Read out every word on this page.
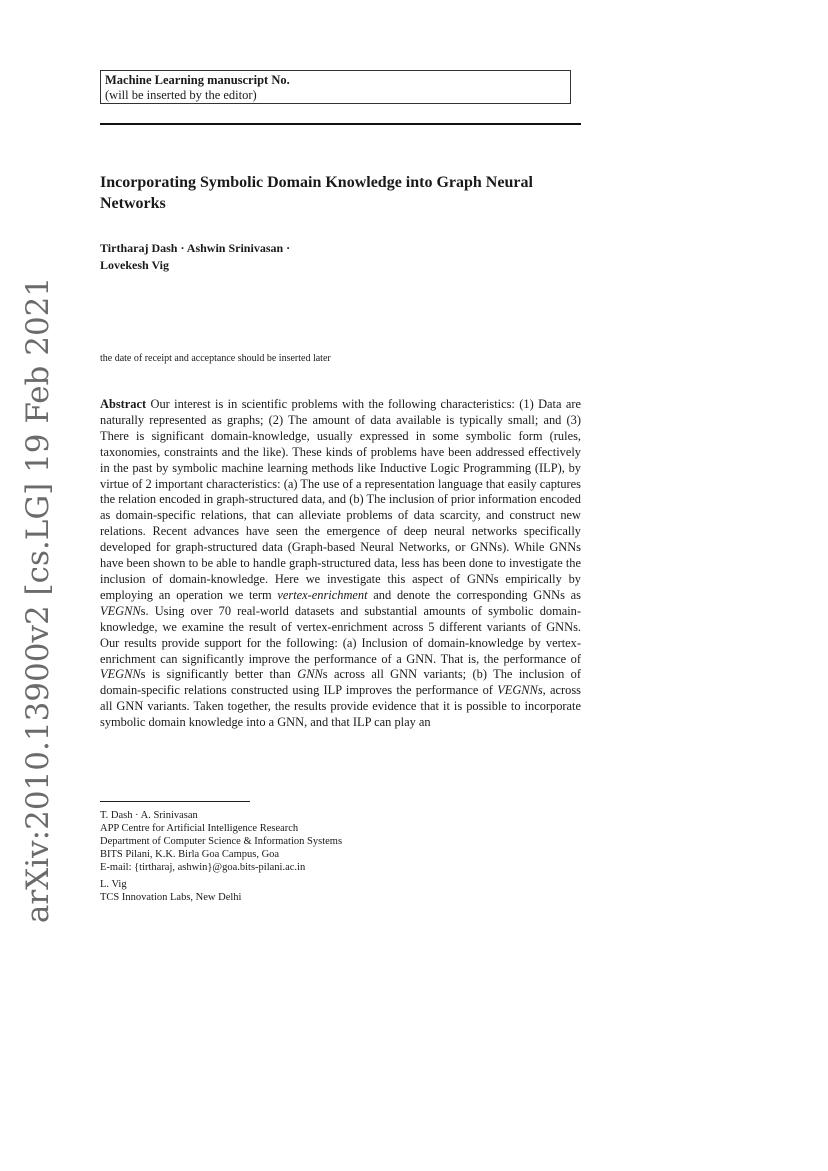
arXiv:2010.13900v2 [cs.LG] 19 Feb 2021
Machine Learning manuscript No.
(will be inserted by the editor)
Incorporating Symbolic Domain Knowledge into Graph Neural Networks
Tirtharaj Dash · Ashwin Srinivasan ·
Lovekesh Vig
the date of receipt and acceptance should be inserted later
Abstract Our interest is in scientific problems with the following characteristics: (1) Data are naturally represented as graphs; (2) The amount of data available is typically small; and (3) There is significant domain-knowledge, usually expressed in some symbolic form (rules, taxonomies, constraints and the like). These kinds of problems have been addressed effectively in the past by symbolic machine learning methods like Inductive Logic Programming (ILP), by virtue of 2 important characteristics: (a) The use of a representation language that easily captures the relation encoded in graph-structured data, and (b) The inclusion of prior information encoded as domain-specific relations, that can alleviate problems of data scarcity, and construct new relations. Recent advances have seen the emergence of deep neural networks specifically developed for graph-structured data (Graph-based Neural Networks, or GNNs). While GNNs have been shown to be able to handle graph-structured data, less has been done to investigate the inclusion of domain-knowledge. Here we investigate this aspect of GNNs empirically by employing an operation we term vertex-enrichment and denote the corresponding GNNs as VEGNNs. Using over 70 real-world datasets and substantial amounts of symbolic domain-knowledge, we examine the result of vertex-enrichment across 5 different variants of GNNs. Our results provide support for the following: (a) Inclusion of domain-knowledge by vertex-enrichment can significantly improve the performance of a GNN. That is, the performance of VEGNNs is significantly better than GNNs across all GNN variants; (b) The inclusion of domain-specific relations constructed using ILP improves the performance of VEGNNs, across all GNN variants. Taken together, the results provide evidence that it is possible to incorporate symbolic domain knowledge into a GNN, and that ILP can play an
T. Dash · A. Srinivasan
APP Centre for Artificial Intelligence Research
Department of Computer Science & Information Systems
BITS Pilani, K.K. Birla Goa Campus, Goa
E-mail: {tirtharaj, ashwin}@goa.bits-pilani.ac.in
L. Vig
TCS Innovation Labs, New Delhi
